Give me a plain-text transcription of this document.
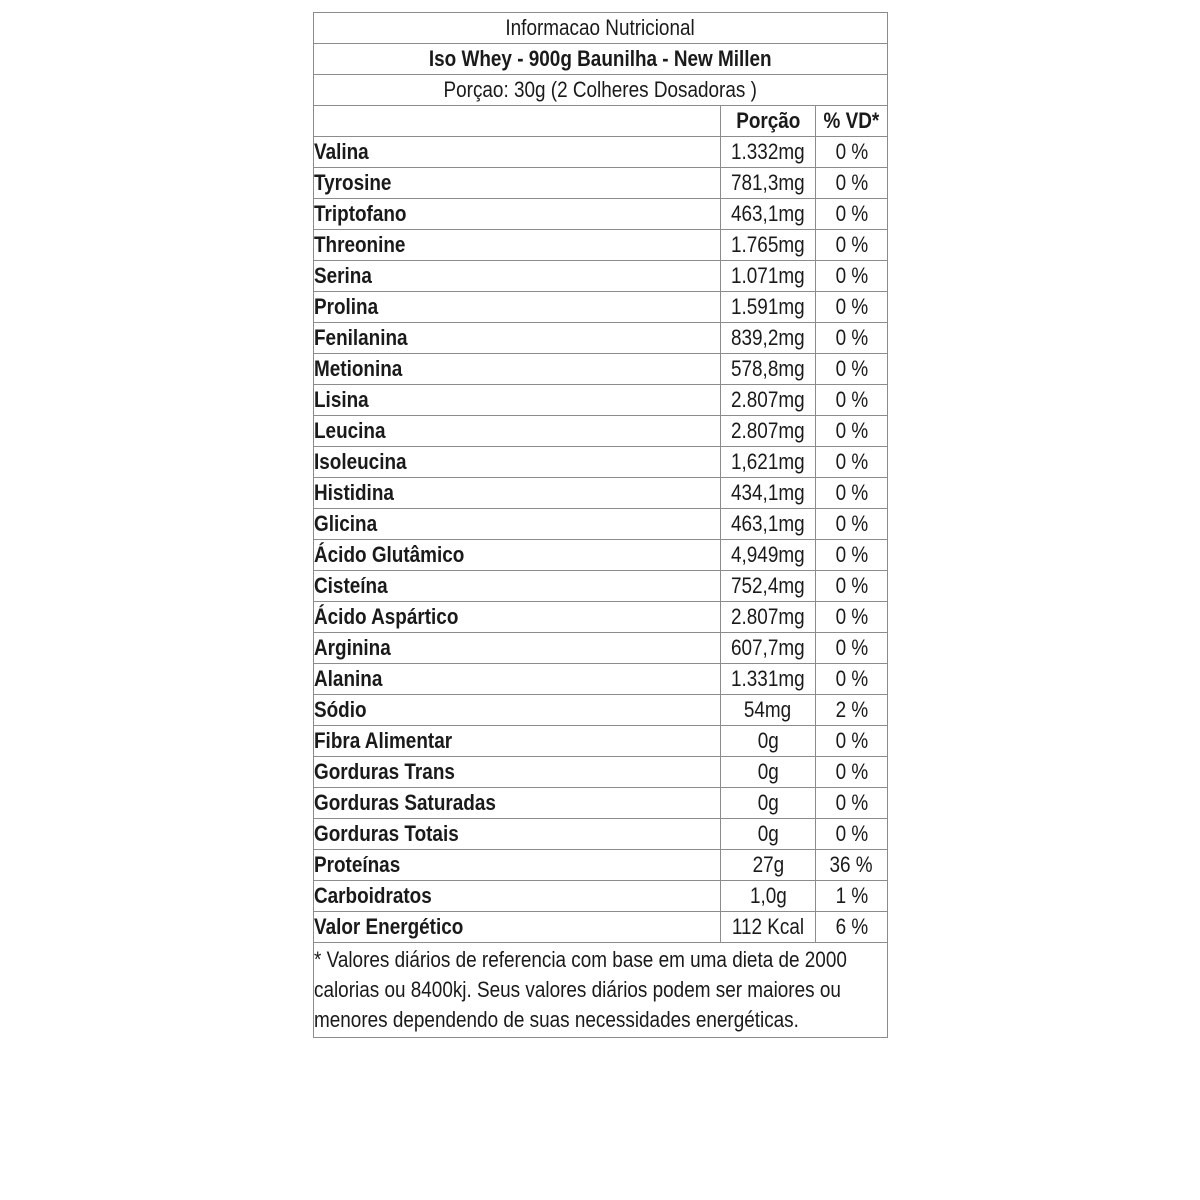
Informacao Nutricional		
Iso Whey - 900g Baunilha - New Millen		
Porçao: 30g (2 Colheres Dosadoras )		
	Porção	% VD*
Valina	1.332mg	0 %
Tyrosine	781,3mg	0 %
Triptofano	463,1mg	0 %
Threonine	1.765mg	0 %
Serina	1.071mg	0 %
Prolina	1.591mg	0 %
Fenilanina	839,2mg	0 %
Metionina	578,8mg	0 %
Lisina	2.807mg	0 %
Leucina	2.807mg	0 %
Isoleucina	1,621mg	0 %
Histidina	434,1mg	0 %
Glicina	463,1mg	0 %
Ácido Glutâmico	4,949mg	0 %
Cisteína	752,4mg	0 %
Ácido Aspártico	2.807mg	0 %
Arginina	607,7mg	0 %
Alanina	1.331mg	0 %
Sódio	54mg	2 %
Fibra Alimentar	0g	0 %
Gorduras Trans	0g	0 %
Gorduras Saturadas	0g	0 %
Gorduras Totais	0g	0 %
Proteínas	27g	36 %
Carboidratos	1,0g	1 %
Valor Energético	112 Kcal	6 %
* Valores diários de referencia com base em uma dieta de 2000 calorias ou 8400kj. Seus valores diários podem ser maiores ou menores dependendo de suas necessidades energéticas.		
